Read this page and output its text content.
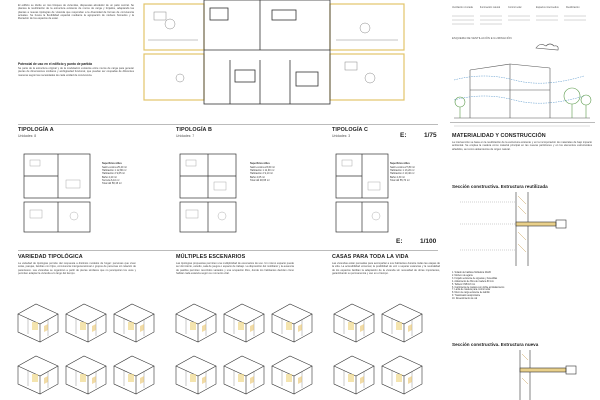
El edificio se divide en tres bloques de viviendas, dispuestas alrededor de un patio central. Se plantea la reutilización de la estructura existente de muros de carga y forjados, adaptando las plantas a nuevas tipologías de vivienda que respondan a la diversidad de formas de convivencia actuales. Se busca la flexibilidad espacial mediante la agrupación de núcleos húmedos y la liberación de los espacios de estar.
Potencial de uso en el edificio y punto de partida
Se parte de la estructura original y de la modulación existente entre muros de carga para generar piezas de dimensiones similares y ambigüedad funcional, que puedan ser ocupadas de diferentes maneras según las necesidades de cada unidad de convivencia.
E:	1/75
Ventilación cruzada	Iluminación natural	Control solar	Espacios intermedios	Reutilización
ESQUEMA DE VENTILACIÓN E ILUMINACIÓN
TIPOLOGÍA A
Unidades: 8
TIPOLOGÍA B
Unidades: 7
TIPOLOGÍA C
Unidades: 3
Superficies útiles
Salón-cocina 25,40 m²
Habitación 1 12,80 m²
Habitación 2 9,65 m²
Baño 4,20 m²
Terraza 6,10 m²
Total útil 58,15 m²
Superficies útiles
Salón-cocina 23,60 m²
Habitación 1 11,90 m²
Habitación 2 9,10 m²
Baño 4,05 m²
Total útil 48,65 m²
Superficies útiles
Salón-cocina 27,80 m²
Habitación 1 13,20 m²
Habitación 2 10,40 m²
Baño 4,30 m²
Total útil 55,70 m²
E:	1/100
VARIEDAD TIPOLÓGICA
La variedad de tipologías permite dar respuesta a distintos modelos de hogar: personas que viven solas, parejas, familias con hijos, convivencia intergeneracional o grupos de personas sin relación de parentesco. Las viviendas se organizan a partir de piezas similares que no jerarquizan los usos y permiten adaptar la vivienda a lo largo del tiempo.
MÚLTIPLES ESCENARIOS
Las tipologías propuestas permiten una multiplicidad de escenarios de uso. Un mismo espacio puede ser dormitorio, estudio, sala de juegos o espacio de trabajo. La disposición del mobiliario y la ausencia de pasillos permiten recorridos variados y una ocupación libre, donde los habitantes deciden cómo habitar cada estancia según su momento vital.
CASAS PARA TODA LA VIDA
Las viviendas están pensadas para acompañar a sus habitantes durante todas las etapas de la vida. La accesibilidad universal, la posibilidad de unir o separar estancias y la neutralidad de los espacios facilitan la adaptación de la vivienda sin necesidad de obras importantes, garantizando su permanencia y uso en el tiempo.
MATERIALIDAD Y CONSTRUCCIÓN
La intervención se basa en la reutilización de la estructura existente y en la incorporación de materiales de bajo impacto ambiental. Se emplea la madera como material principal en las nuevas particiones y en los elementos estructurales añadidos, así como aislamientos de origen natural.
Sección constructiva. Estructura reutilizada
1. Solado de baldosa hidráulica 20x20
2. Mortero de agarre
3. Forjado existente de viguetas y bovedillas
4. Aislamiento de fibra de madera 60 mm
5. Tablero OSB 18 mm
6. Carpintería de madera con doble acristalamiento
7. Lama de madera para control solar
8. Muro de carga existente de ladrillo
9. Trasdosado autoportante
10. Revestimiento de cal
Sección constructiva. Estructura nueva
